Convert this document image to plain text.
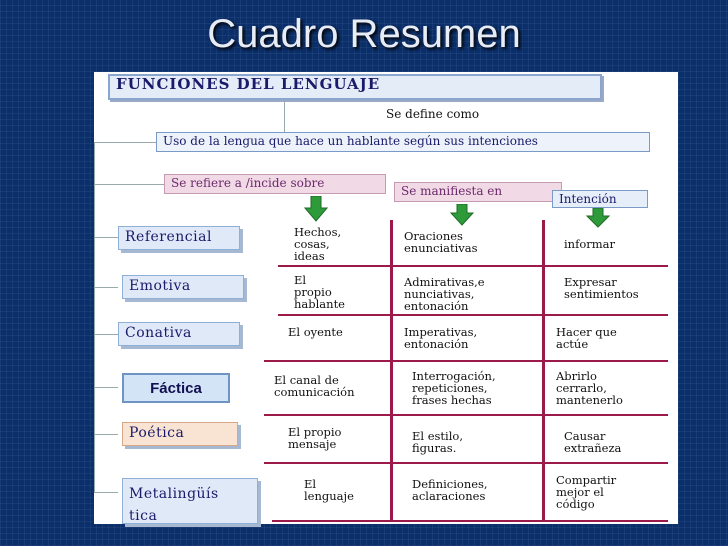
Cuadro Resumen
FUNCIONES DEL LENGUAJE
Se define como
Uso de la lengua que hace un hablante según sus intenciones
Se refiere a /incide sobre
Se manifiesta en
Intención
Referencial
Emotiva
Conativa
Fáctica
Poética
Metalingüís
tica
Hechos,
cosas,
ideas
Oraciones
enunciativas	informar
El
propio
hablante
Admirativas,e
nunciativas,
entonación
Expresar
sentimientos
El oyente	Imperativas,
entonación
Hacer que
actúe
El canal de
comunicación
Interrogación,
repeticiones,
frases hechas
Abrirlo
cerrarlo,
mantenerlo
El propio
mensaje
El estilo,
figuras.
Causar
extrañeza
El
lenguaje
Definiciones,
aclaraciones
Compartir
mejor el
código
